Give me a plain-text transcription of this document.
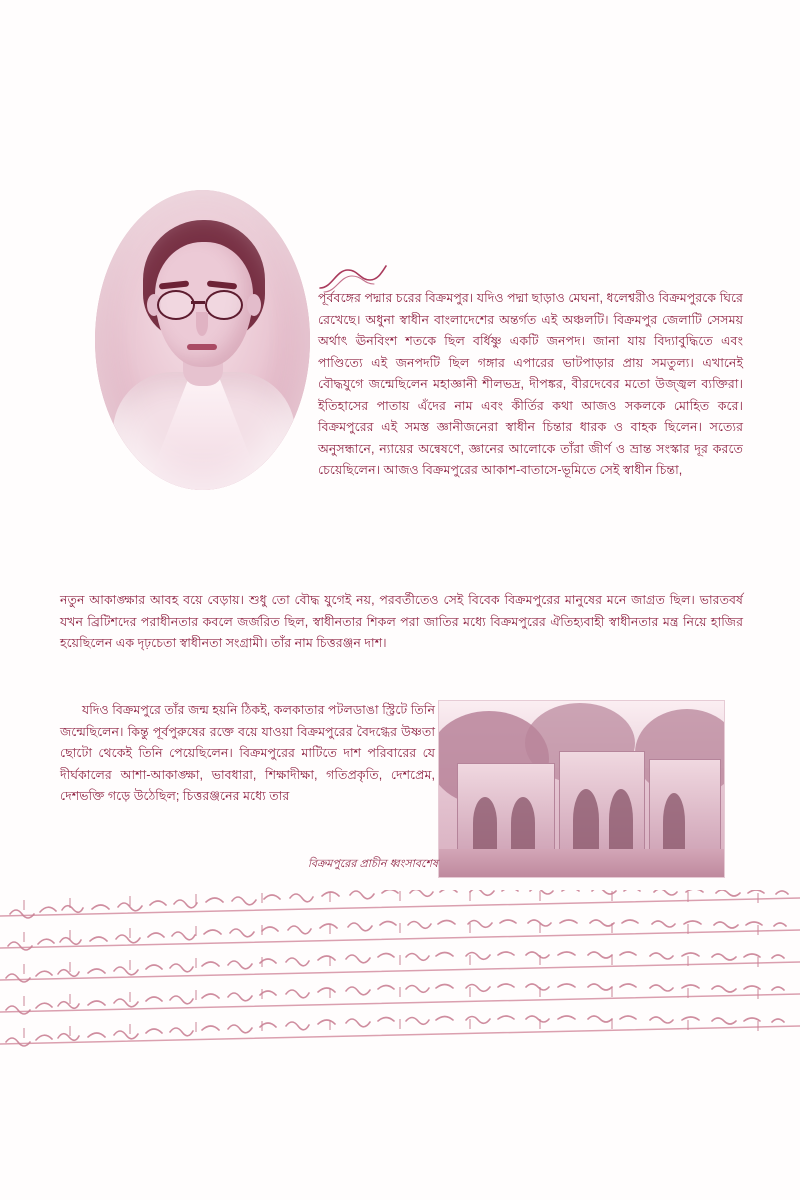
পূর্ববঙ্গের পদ্মার চরের বিক্রমপুর। যদিও পদ্মা ছাড়াও মেঘনা, ধলেশ্বরীও বিক্রমপুরকে ঘিরে রেখেছে। অধুনা স্বাধীন বাংলাদেশের অন্তর্গত এই অঞ্চলটি। বিক্রমপুর জেলাটি সেসময় অর্থাৎ ঊনবিংশ শতকে ছিল বর্ধিষ্ণু একটি জনপদ। জানা যায় বিদ্যাবুদ্ধিতে এবং পাণ্ডিত্যে এই জনপদটি ছিল গঙ্গার এপারের ভাটপাড়ার প্রায় সমতুল্য। এখানেই বৌদ্ধযুগে জন্মেছিলেন মহাজ্ঞানী শীলভদ্র, দীপঙ্কর, বীরদেবের মতো উজ্জ্বল ব্যক্তিরা। ইতিহাসের পাতায় এঁদের নাম এবং কীর্তির কথা আজও সকলকে মোহিত করে। বিক্রমপুরের এই সমস্ত জ্ঞানীজনেরা স্বাধীন চিন্তার ধারক ও বাহক ছিলেন। সত্যের অনুসন্ধানে, ন্যায়ের অন্বেষণে, জ্ঞানের আলোকে তাঁরা জীর্ণ ও ভ্রান্ত সংস্কার দূর করতে চেয়েছিলেন। আজও বিক্রমপুরের আকাশ-বাতাসে-ভূমিতে সেই স্বাধীন চিন্তা,
নতুন আকাঙ্ক্ষার আবহ বয়ে বেড়ায়। শুধু তো বৌদ্ধ যুগেই নয়, পরবর্তীতেও সেই বিবেক বিক্রমপুরের মানুষের মনে জাগ্রত ছিল। ভারতবর্ষ যখন ব্রিটিশদের পরাধীনতার কবলে জর্জরিত ছিল, স্বাধীনতার শিকল পরা জাতির মধ্যে বিক্রমপুরের ঐতিহ্যবাহী স্বাধীনতার মন্ত্র নিয়ে হাজির হয়েছিলেন এক দৃঢ়চেতা স্বাধীনতা সংগ্রামী। তাঁর নাম চিত্তরঞ্জন দাশ।
যদিও বিক্রমপুরে তাঁর জন্ম হয়নি ঠিকই, কলকাতার পটলডাঙা স্ট্রিটে তিনি জন্মেছিলেন। কিন্তু পূর্বপুরুষের রক্তে বয়ে যাওয়া বিক্রমপুরের বৈদগ্ধের উষ্ণতা ছোটো থেকেই তিনি পেয়েছিলেন। বিক্রমপুরের মাটিতে দাশ পরিবারের যে দীর্ঘকালের আশা-আকাঙ্ক্ষা, ভাবধারা, শিক্ষাদীক্ষা, গতিপ্রকৃতি, দেশপ্রেম, দেশভক্তি গড়ে উঠেছিল; চিত্তরঞ্জনের মধ্যে তার
বিক্রমপুরের প্রাচীন ধ্বংসাবশেষ
